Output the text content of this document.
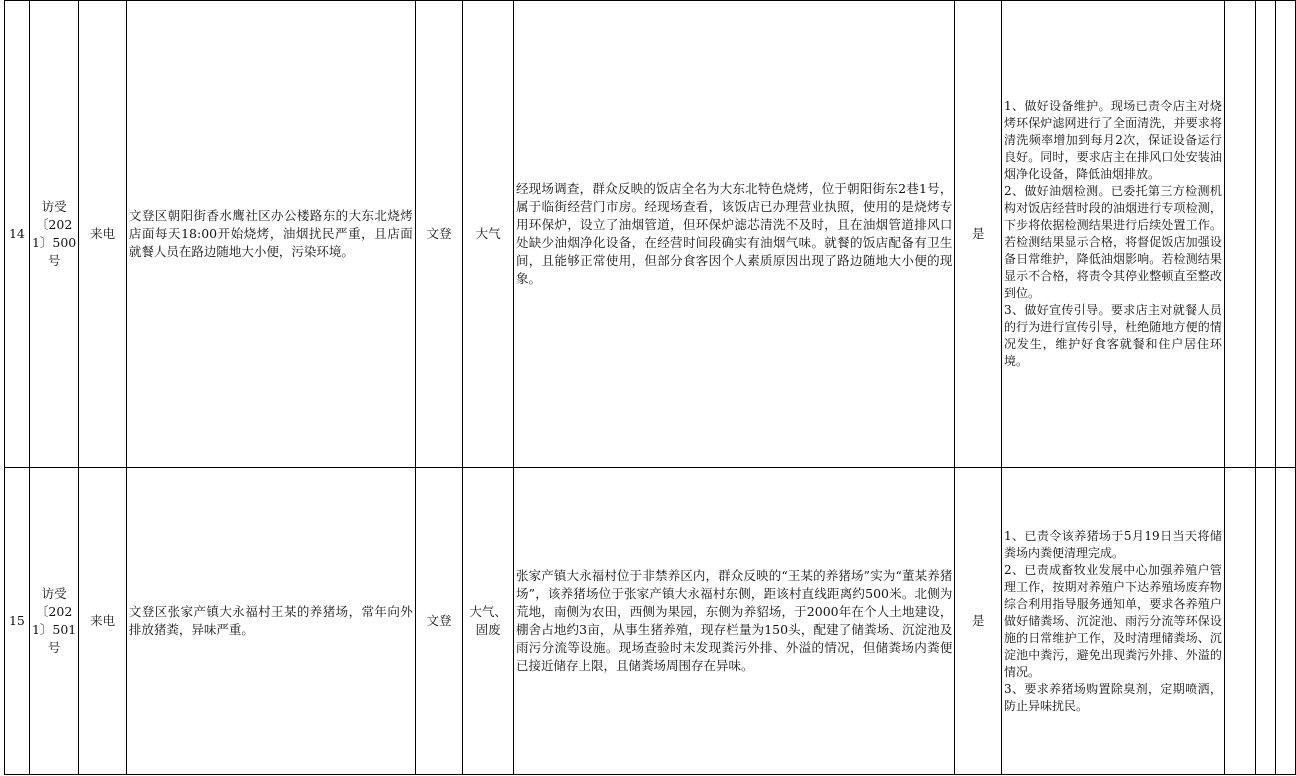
14	访受〔2021〕500号	来电	文登区朝阳街香水鹰社区办公楼路东的大东北烧烤店面每天18:00开始烧烤，油烟扰民严重，且店面就餐人员在路边随地大小便，污染环境。	文登	大气	经现场调查，群众反映的饭店全名为大东北特色烧烤，位于朝阳街东2巷1号，属于临街经营门市房。经现场查看，该饭店已办理营业执照，使用的是烧烤专用环保炉，设立了油烟管道，但环保炉滤芯清洗不及时，且在油烟管道排风口处缺少油烟净化设备，在经营时间段确实有油烟气味。就餐的饭店配备有卫生间，且能够正常使用，但部分食客因个人素质原因出现了路边随地大小便的现象。	是	1、做好设备维护。现场已责令店主对烧烤环保炉滤网进行了全面清洗，并要求将清洗频率增加到每月2次，保证设备运行良好。同时，要求店主在排风口处安装油烟净化设备，降低油烟排放。
2、做好油烟检测。已委托第三方检测机构对饭店经营时段的油烟进行专项检测，下步将依据检测结果进行后续处置工作。若检测结果显示合格，将督促饭店加强设备日常维护，降低油烟影响。若检测结果显示不合格，将责令其停业整顿直至整改到位。
3、做好宣传引导。要求店主对就餐人员的行为进行宣传引导，杜绝随地方便的情况发生，维护好食客就餐和住户居住环境。			
15	访受〔2021〕501号	来电	文登区张家产镇大永福村王某的养猪场，常年向外排放猪粪，异味严重。	文登	大气、固废	张家产镇大永福村位于非禁养区内，群众反映的“王某的养猪场”实为“董某养猪场”，该养猪场位于张家产镇大永福村东侧，距该村直线距离约500米。北侧为荒地，南侧为农田，西侧为果园，东侧为养貂场，于2000年在个人土地建设，棚舍占地约3亩，从事生猪养殖，现存栏量为150头，配建了储粪场、沉淀池及雨污分流等设施。现场查验时未发现粪污外排、外溢的情况，但储粪场内粪便已接近储存上限，且储粪场周围存在异味。	是	1、已责令该养猪场于5月19日当天将储粪场内粪便清理完成。
2、已责成畜牧业发展中心加强养殖户管理工作，按期对养殖户下达养殖场废弃物综合利用指导服务通知单，要求各养殖户做好储粪场、沉淀池、雨污分流等环保设施的日常维护工作，及时清理储粪场、沉淀池中粪污，避免出现粪污外排、外溢的情况。
3、要求养猪场购置除臭剂，定期喷洒，防止异味扰民。			
